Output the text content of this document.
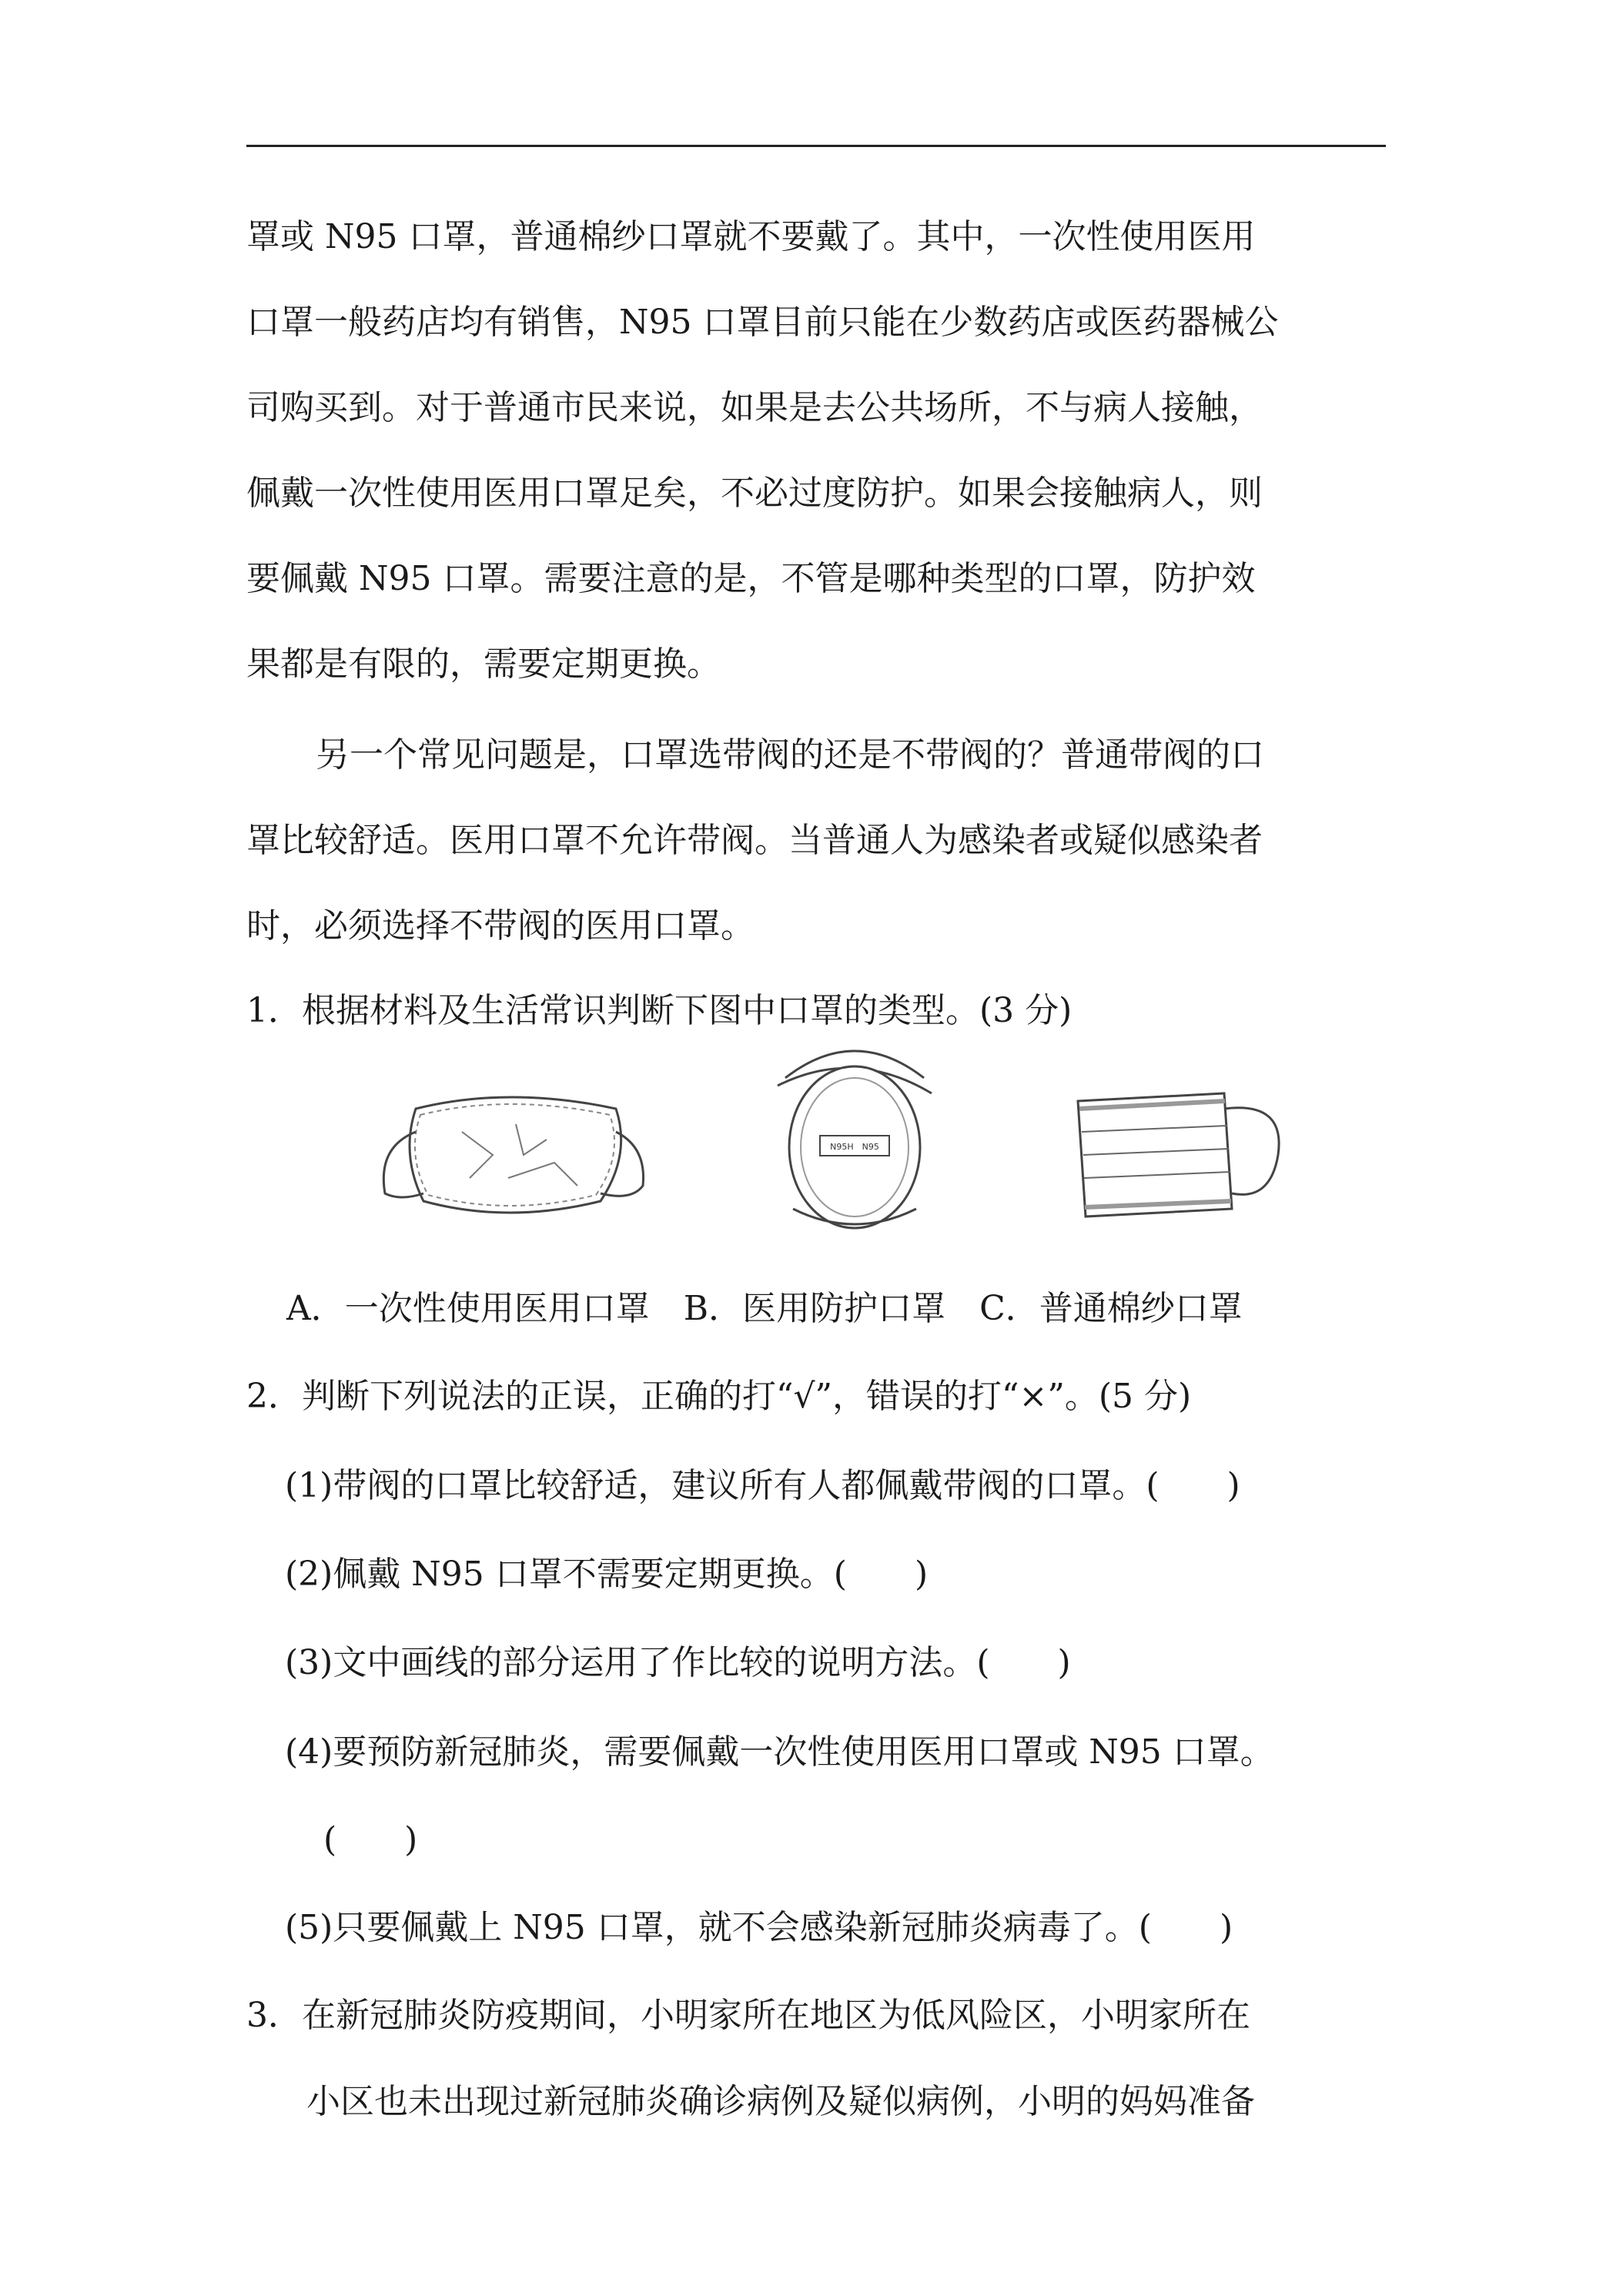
罩或 N95 口罩，普通棉纱口罩就不要戴了。其中，一次性使用医用
口罩一般药店均有销售，N95 口罩目前只能在少数药店或医药器械公
司购买到。对于普通市民来说，如果是去公共场所，不与病人接触，
佩戴一次性使用医用口罩足矣，不必过度防护。如果会接触病人，则
要佩戴 N95 口罩。需要注意的是，不管是哪种类型的口罩，防护效
果都是有限的，需要定期更换。
另一个常见问题是，口罩选带阀的还是不带阀的？普通带阀的口
罩比较舒适。医用口罩不允许带阀。当普通人为感染者或疑似感染者
时，必须选择不带阀的医用口罩。
1．根据材料及生活常识判断下图中口罩的类型。(3 分)
N95H　N95
A．一次性使用医用口罩　B．医用防护口罩　C．普通棉纱口罩
2．判断下列说法的正误，正确的打“√”，错误的打“×”。(5 分)
(1)带阀的口罩比较舒适，建议所有人都佩戴带阀的口罩。(　　)
(2)佩戴 N95 口罩不需要定期更换。(　　)
(3)文中画线的部分运用了作比较的说明方法。(　　)
(4)要预防新冠肺炎，需要佩戴一次性使用医用口罩或 N95 口罩。
(　　)
(5)只要佩戴上 N95 口罩，就不会感染新冠肺炎病毒了。(　　)
3．在新冠肺炎防疫期间，小明家所在地区为低风险区，小明家所在
小区也未出现过新冠肺炎确诊病例及疑似病例，小明的妈妈准备
